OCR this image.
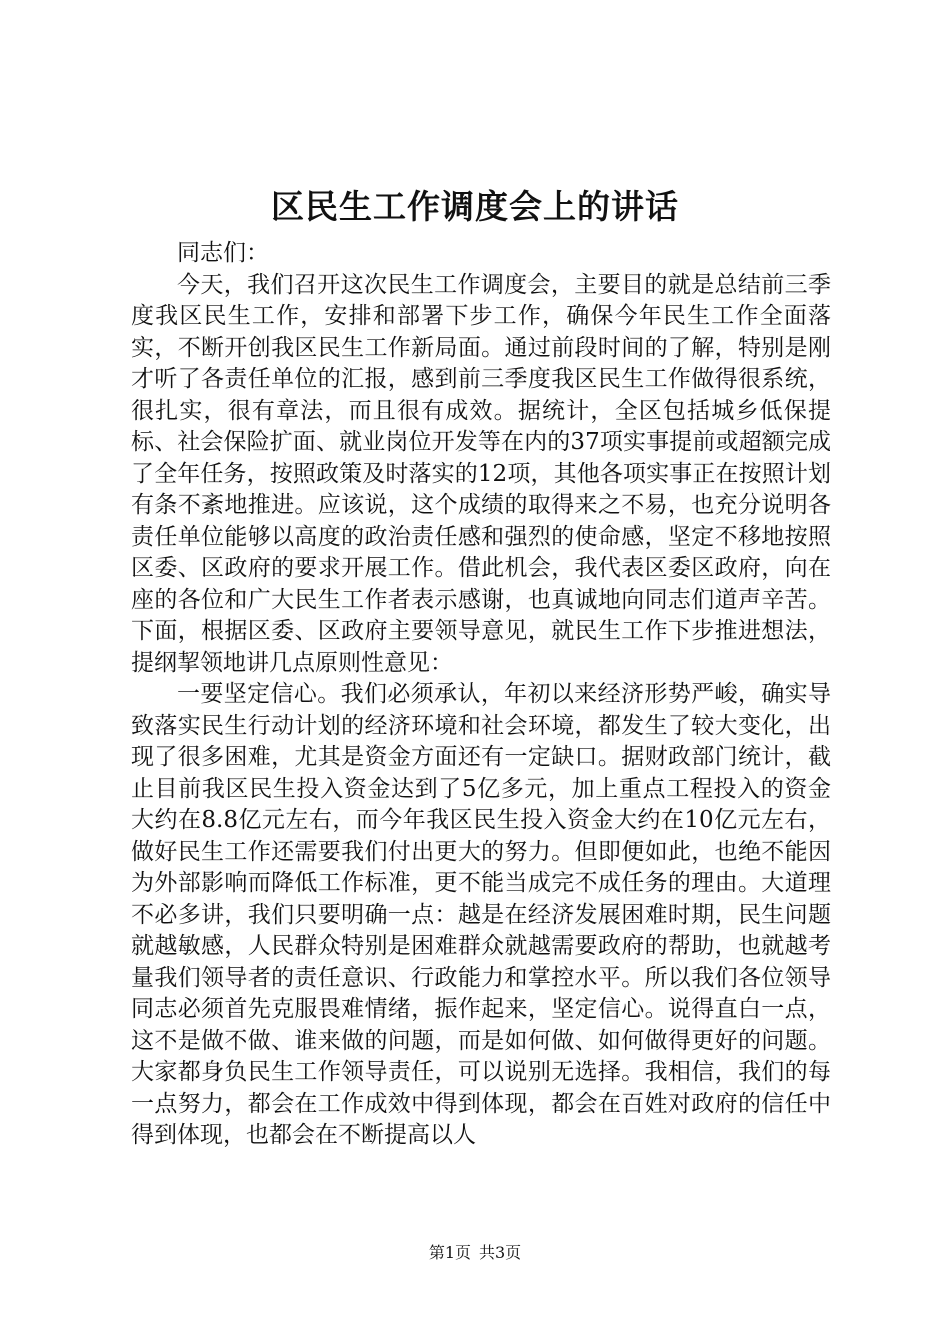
区民生工作调度会上的讲话

同志们：

今天，我们召开这次民生工作调度会，主要目的就是总结前三季度我区民生工作，安排和部署下步工作，确保今年民生工作全面落实，不断开创我区民生工作新局面。通过前段时间的了解，特别是刚才听了各责任单位的汇报，感到前三季度我区民生工作做得很系统，很扎实，很有章法，而且很有成效。据统计，全区包括城乡低保提标、社会保险扩面、就业岗位开发等在内的37项实事提前或超额完成了全年任务，按照政策及时落实的12项，其他各项实事正在按照计划有条不紊地推进。应该说，这个成绩的取得来之不易，也充分说明各责任单位能够以高度的政治责任感和强烈的使命感，坚定不移地按照区委、区政府的要求开展工作。借此机会，我代表区委区政府，向在座的各位和广大民生工作者表示感谢，也真诚地向同志们道声辛苦。下面，根据区委、区政府主要领导意见，就民生工作下步推进想法，提纲挈领地讲几点原则性意见：

一要坚定信心。我们必须承认，年初以来经济形势严峻，确实导致落实民生行动计划的经济环境和社会环境，都发生了较大变化，出现了很多困难，尤其是资金方面还有一定缺口。据财政部门统计，截止目前我区民生投入资金达到了5亿多元，加上重点工程投入的资金大约在8.8亿元左右，而今年我区民生投入资金大约在10亿元左右，做好民生工作还需要我们付出更大的努力。但即便如此，也绝不能因为外部影响而降低工作标准，更不能当成完不成任务的理由。大道理不必多讲，我们只要明确一点：越是在经济发展困难时期，民生问题就越敏感，人民群众特别是困难群众就越需要政府的帮助，也就越考量我们领导者的责任意识、行政能力和掌控水平。所以我们各位领导同志必须首先克服畏难情绪，振作起来，坚定信心。说得直白一点，这不是做不做、谁来做的问题，而是如何做、如何做得更好的问题。大家都身负民生工作领导责任，可以说别无选择。我相信，我们的每一点努力，都会在工作成效中得到体现，都会在百姓对政府的信任中得到体现，也都会在不断提高以人

第1页 共3页
